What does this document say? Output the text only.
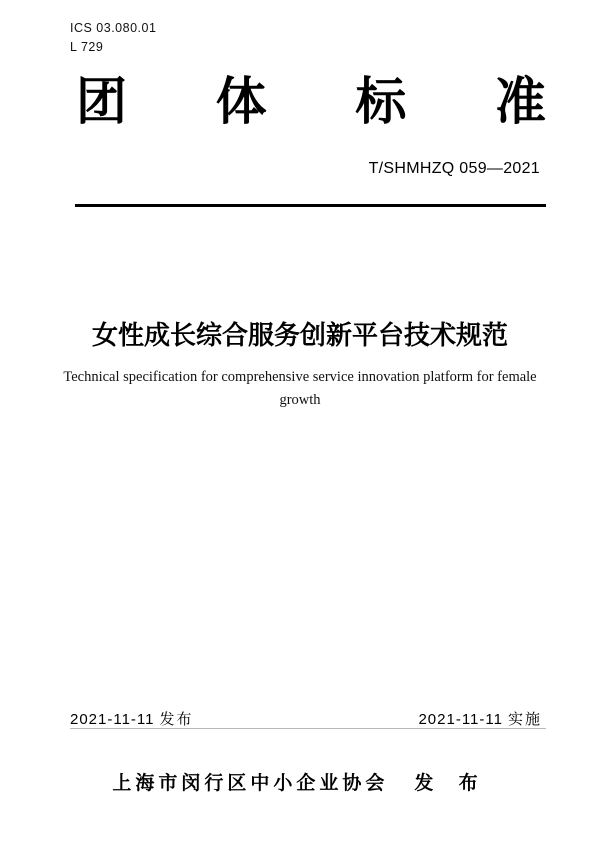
ICS 03.080.01
L 729
团 体 标 准
T/SHMHZQ 059—2021
女性成长综合服务创新平台技术规范
Technical specification for comprehensive service innovation platform for female
growth
2021-11-11 发布	2021-11-11 实施
上海市闵行区中小企业协会 发 布
